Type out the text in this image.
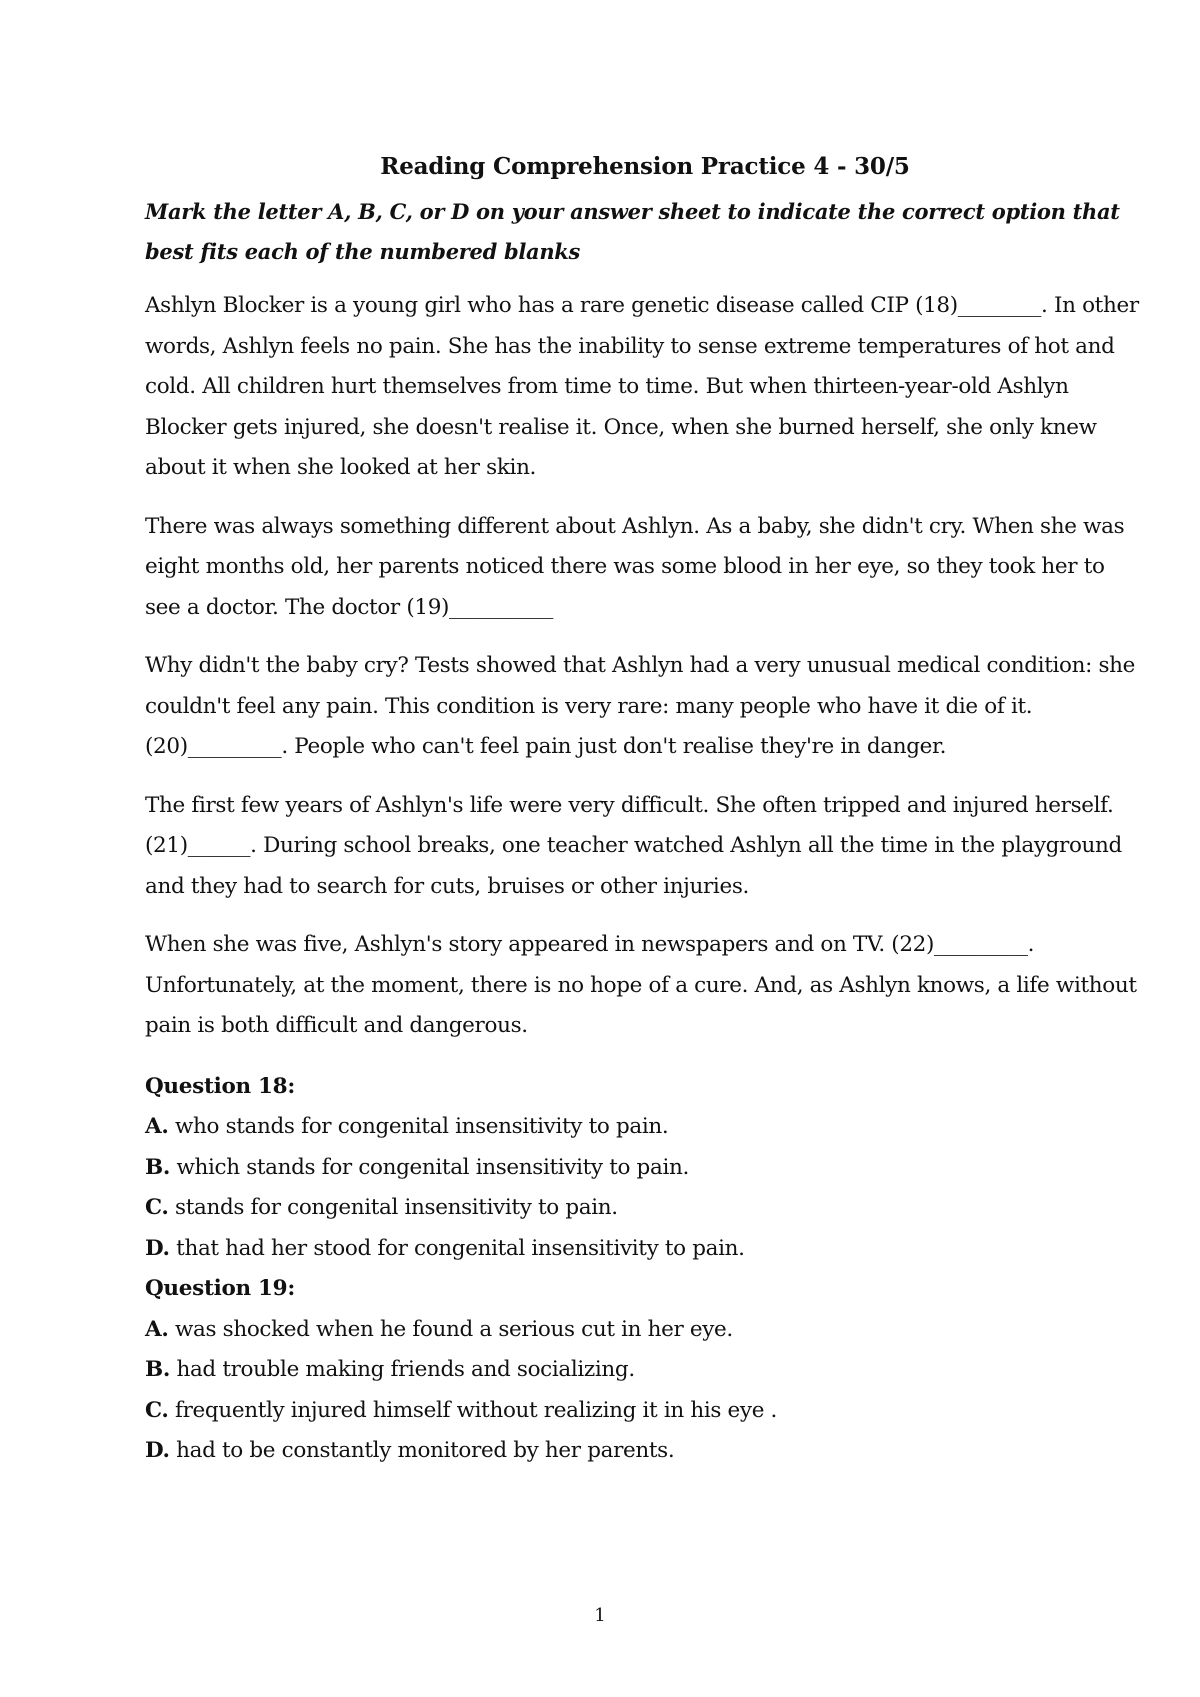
Reading Comprehension Practice 4 - 30/5
Mark the letter A, B, C, or D on your answer sheet to indicate the correct option that best fits each of the numbered blanks

Ashlyn Blocker is a young girl who has a rare genetic disease called CIP (18)________. In other words, Ashlyn feels no pain. She has the inability to sense extreme temperatures of hot and cold. All children hurt themselves from time to time. But when thirteen-year-old Ashlyn Blocker gets injured, she doesn't realise it. Once, when she burned herself, she only knew about it when she looked at her skin.

There was always something different about Ashlyn. As a baby, she didn't cry. When she was eight months old, her parents noticed there was some blood in her eye, so they took her to see a doctor. The doctor (19)__________

Why didn't the baby cry? Tests showed that Ashlyn had a very unusual medical condition: she couldn't feel any pain. This condition is very rare: many people who have it die of it. (20)_________. People who can't feel pain just don't realise they're in danger.

The first few years of Ashlyn's life were very difficult. She often tripped and injured herself. (21)______. During school breaks, one teacher watched Ashlyn all the time in the playground and they had to search for cuts, bruises or other injuries.

When she was five, Ashlyn's story appeared in newspapers and on TV. (22)_________. Unfortunately, at the moment, there is no hope of a cure. And, as Ashlyn knows, a life without pain is both difficult and dangerous.

Question 18:
A. who stands for congenital insensitivity to pain.
B. which stands for congenital insensitivity to pain.
C. stands for congenital insensitivity to pain.
D. that had her stood for congenital insensitivity to pain.
Question 19:
A. was shocked when he found a serious cut in her eye.
B. had trouble making friends and socializing.
C. frequently injured himself without realizing it in his eye .
D. had to be constantly monitored by her parents.
1
